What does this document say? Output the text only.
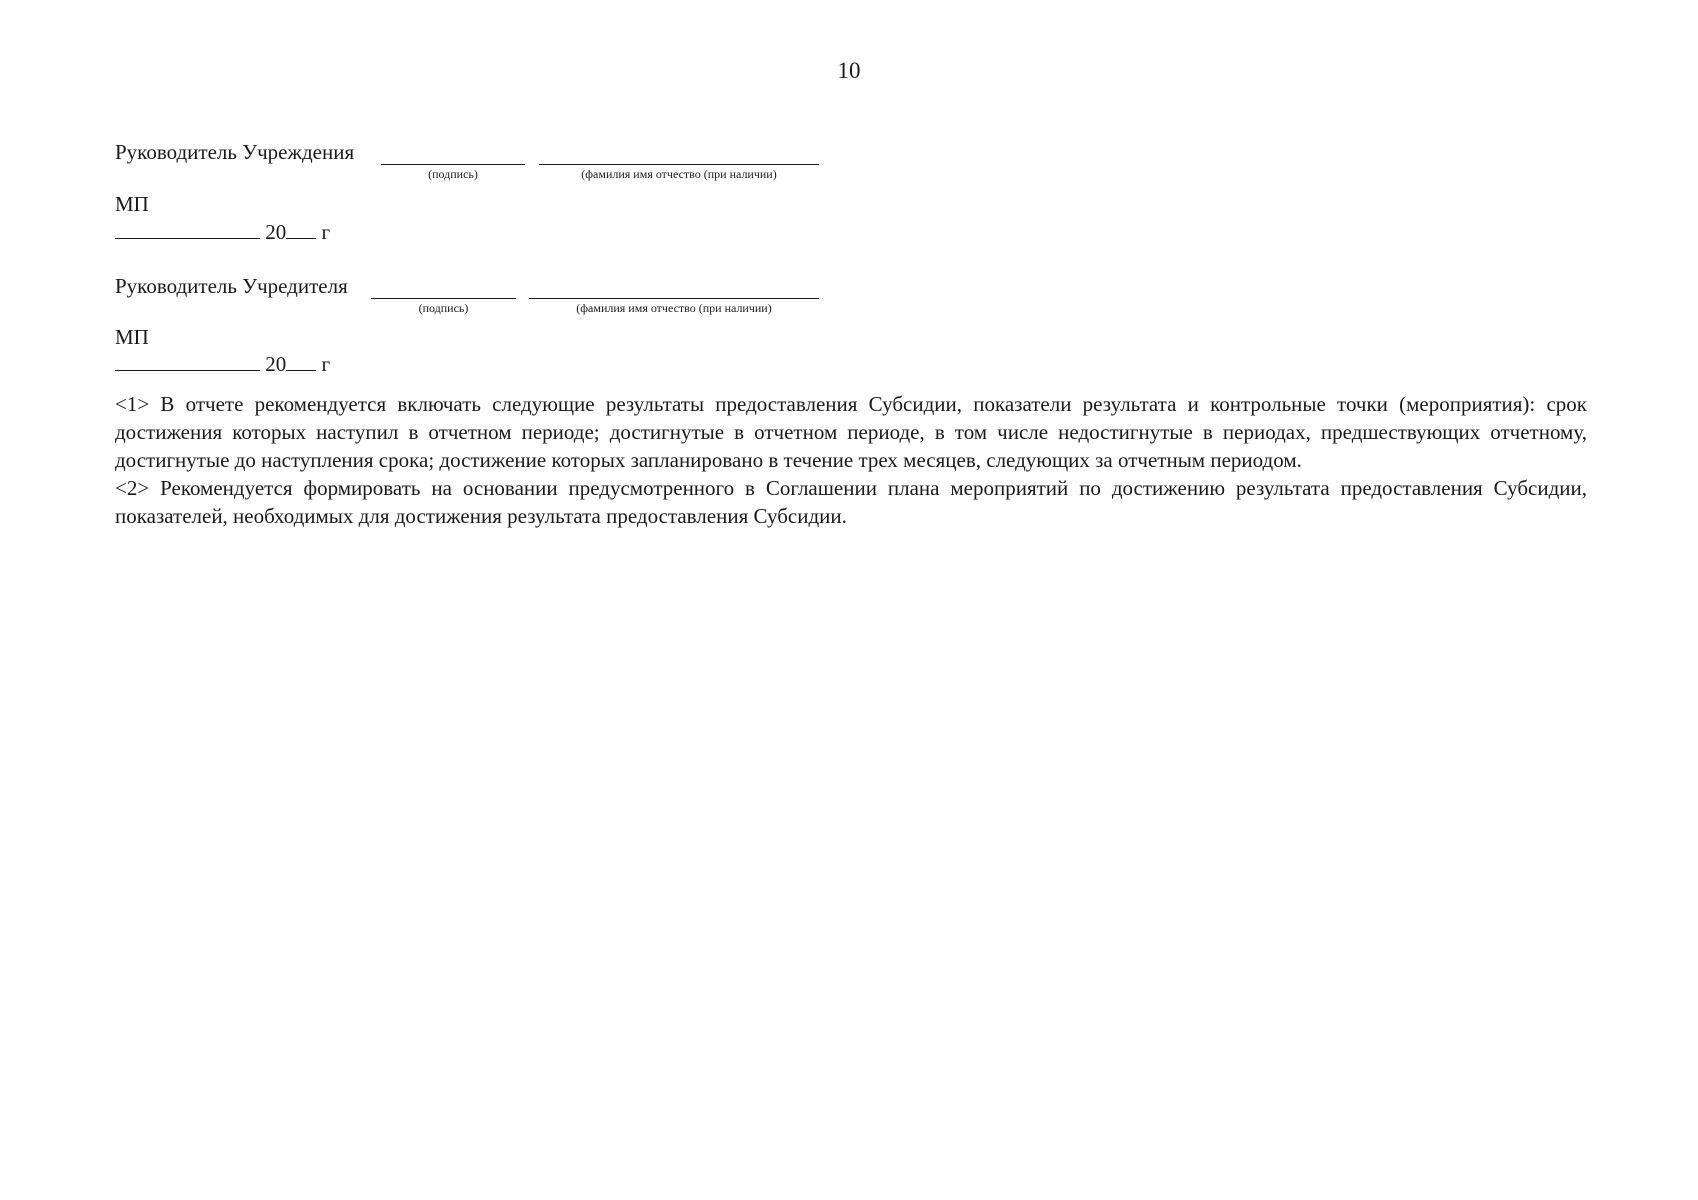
10
Руководитель Учреждения
(подпись)	(фамилия имя отчество (при наличии)
МП
20 г
Руководитель Учредителя
(подпись)	(фамилия имя отчество (при наличии)
МП
20 г

<1> В отчете рекомендуется включать следующие результаты предоставления Субсидии, показатели результата и контрольные точки (мероприятия): срок достижения которых наступил в отчетном периоде; достигнутые в отчетном периоде, в том числе недостигнутые в периодах, предшествующих отчетному, достигнутые до наступления срока; достижение которых запланировано в течение трех месяцев, следующих за отчетным периодом.

<2> Рекомендуется формировать на основании предусмотренного в Соглашении плана мероприятий по достижению результата предоставления Субсидии, показателей, необходимых для достижения результата предоставления Субсидии.
